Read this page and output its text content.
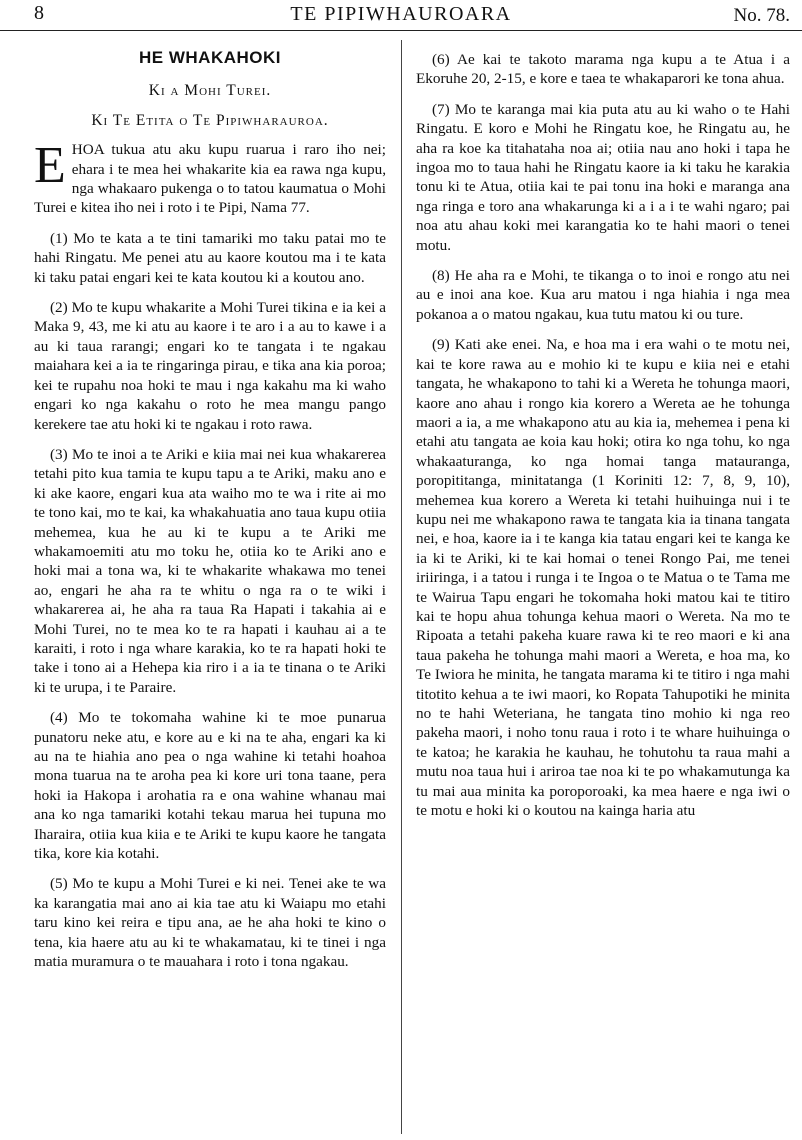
8	TE PIPIWHAUROARA	No. 78.
HE WHAKAHOKI
Ki a Mohi Turei.
Ki Te Etita o Te Pipiwharauroa.

EHOA tukua atu aku kupu ruarua i raro iho nei; ehara i te mea hei whakarite kia ea rawa nga kupu, nga whakaaro pukenga o to tatou kaumatua o Mohi Turei e kitea iho nei i roto i te Pipi, Nama 77.

(1) Mo te kata a te tini tamariki mo taku patai mo te hahi Ringatu. Me penei atu au kaore koutou ma i te kata ki taku patai engari kei te kata koutou ki a koutou ano.

(2) Mo te kupu whakarite a Mohi Turei tikina e ia kei a Maka 9, 43, me ki atu au kaore i te aro i a au to kawe i a au ki taua rarangi; engari ko te tangata i te ngakau maiahara kei a ia te ringaringa pirau, e tika ana kia poroa; kei te rupahu noa hoki te mau i nga kakahu ma ki waho engari ko nga kakahu o roto he mea mangu pango kerekere tae atu hoki ki te ngakau i roto rawa.

(3) Mo te inoi a te Ariki e kiia mai nei kua whakarerea tetahi pito kua tamia te kupu tapu a te Ariki, maku ano e ki ake kaore, engari kua ata waiho mo te wa i rite ai mo te tono kai, mo te kai, ka whakahuatia ano taua kupu otiia mehemea, kua he au ki te kupu a te Ariki me whakamoemiti atu mo toku he, otiia ko te Ariki ano e hoki mai a tona wa, ki te whakarite whakawa mo tenei ao, engari he aha ra te whitu o nga ra o te wiki i whakarerea ai, he aha ra taua Ra Hapati i takahia ai e Mohi Turei, no te mea ko te ra hapati i kauhau ai a te karaiti, i roto i nga whare karakia, ko te ra hapati hoki te take i tono ai a Hehepa kia riro i a ia te tinana o te Ariki ki te urupa, i te Paraire.

(4) Mo te tokomaha wahine ki te moe punarua punatoru neke atu, e kore au e ki na te aha, engari ka ki au na te hiahia ano pea o nga wahine ki tetahi hoahoa mona tuarua na te aroha pea ki kore uri tona taane, pera hoki ia Hakopa i arohatia ra e ona wahine whanau mai ana ko nga tamariki kotahi tekau marua hei tupuna mo Iharaira, otiia kua kiia e te Ariki te kupu kaore he tangata tika, kore kia kotahi.

(5) Mo te kupu a Mohi Turei e ki nei. Tenei ake te wa ka karangatia mai ano ai kia tae atu ki Waiapu mo etahi taru kino kei reira e tipu ana, ae he aha hoki te kino o tena, kia haere atu au ki te whakamatau, ki te tinei i nga matia muramura o te mauahara i roto i tona ngakau.

(6) Ae kai te takoto marama nga kupu a te Atua i a Ekoruhe 20, 2-15, e kore e taea te whakaparori ke tona ahua.

(7) Mo te karanga mai kia puta atu au ki waho o te Hahi Ringatu. E koro e Mohi he Ringatu koe, he Ringatu au, he aha ra koe ka titahataha noa ai; otiia nau ano hoki i tapa he ingoa mo to taua hahi he Ringatu kaore ia ki taku he karakia tonu ki te Atua, otiia kai te pai tonu ina hoki e maranga ana nga ringa e toro ana whakarunga ki a i a i te wahi ngaro; pai noa atu ahau koki mei karangatia ko te hahi maori o tenei motu.

(8) He aha ra e Mohi, te tikanga o to inoi e rongo atu nei au e inoi ana koe. Kua aru matou i nga hiahia i nga mea pokanoa a o matou ngakau, kua tutu matou ki ou ture.

(9) Kati ake enei. Na, e hoa ma i era wahi o te motu nei, kai te kore rawa au e mohio ki te kupu e kiia nei e etahi tangata, he whakapono to tahi ki a Wereta he tohunga maori, kaore ano ahau i rongo kia korero a Wereta ae he tohunga maori a ia, a me whakapono atu au kia ia, mehemea i pena ki etahi atu tangata ae koia kau hoki; otira ko nga tohu, ko nga whakaaturanga, ko nga homai tanga matauranga, poropititanga, minitatanga (1 Koriniti 12: 7, 8, 9, 10), mehemea kua korero a Wereta ki tetahi huihuinga nui i te kupu nei me whakapono rawa te tangata kia ia tinana tangata nei, e hoa, kaore ia i te kanga kia tatau engari kei te kanga ke ia ki te Ariki, ki te kai homai o tenei Rongo Pai, me tenei iriiringa, i a tatou i runga i te Ingoa o te Matua o te Tama me te Wairua Tapu engari he tokomaha hoki matou kai te titiro kai te hopu ahua tohunga kehua maori o Wereta. Na mo te Ripoata a tetahi pakeha kuare rawa ki te reo maori e ki ana taua pakeha he tohunga mahi maori a Wereta, e hoa ma, ko Te Iwiora he minita, he tangata marama ki te titiro i nga mahi titotito kehua a te iwi maori, ko Ropata Tahupotiki he minita no te hahi Weteriana, he tangata tino mohio ki nga reo pakeha maori, i noho tonu raua i roto i te whare huihuinga o te katoa; he karakia he kauhau, he tohutohu ta raua mahi a mutu noa taua hui i ariroa tae noa ki te po whakamutunga ka tu mai aua minita ka poroporoaki, ka mea haere e nga iwi o te motu e hoki ki o koutou na kainga haria atu
